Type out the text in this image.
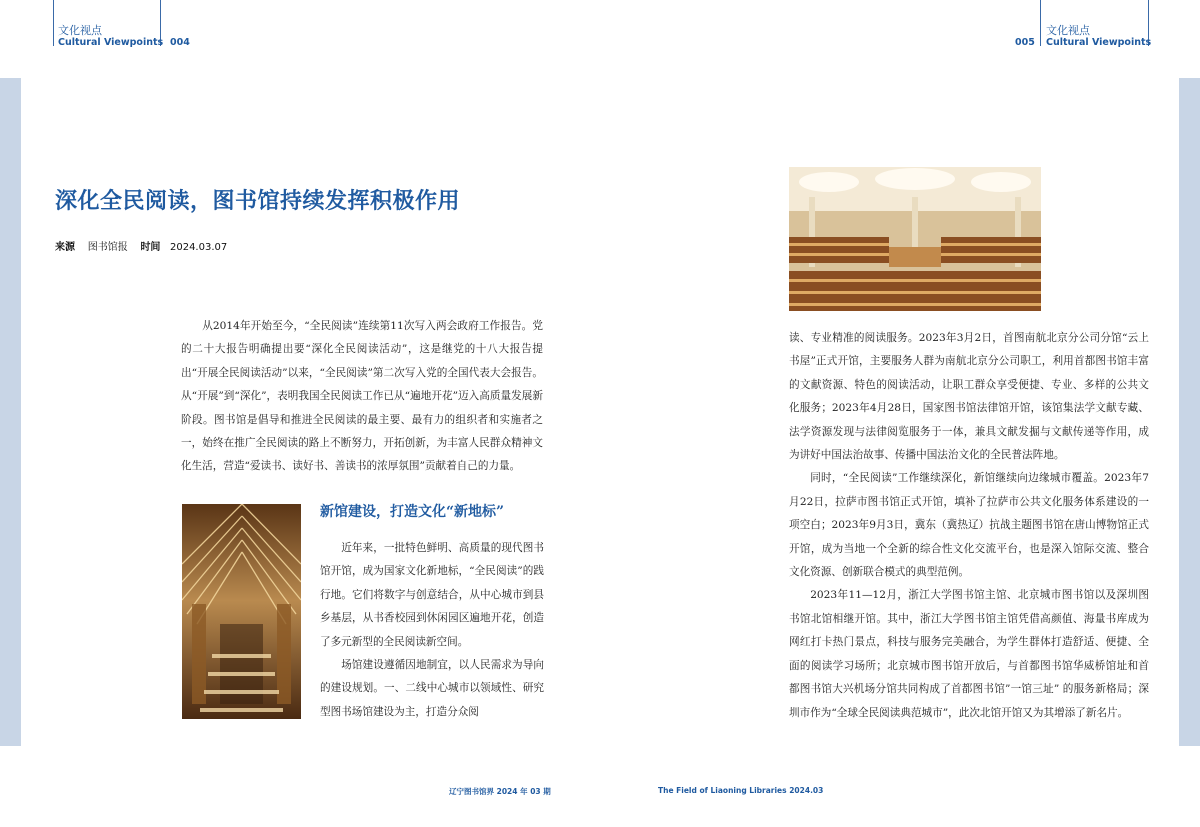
文化视点
Cultural Viewpoints 004
文化视点
Cultural Viewpoints
005
深化全民阅读，图书馆持续发挥积极作用
来源 图书馆报 时间 2024.03.07

从2014年开始至今，“全民阅读”连续第11次写入两会政府工作报告。党的二十大报告明确提出要“深化全民阅读活动”，这是继党的十八大报告提出“开展全民阅读活动”以来，“全民阅读”第二次写入党的全国代表大会报告。从“开展”到“深化”，表明我国全民阅读工作已从“遍地开花”迈入高质量发展新阶段。图书馆是倡导和推进全民阅读的最主要、最有力的组织者和实施者之一，始终在推广全民阅读的路上不断努力，开拓创新，为丰富人民群众精神文化生活，营造“爱读书、读好书、善读书的浓厚氛围”贡献着自己的力量。

新馆建设，打造文化“新地标”

近年来，一批特色鲜明、高质量的现代图书馆开馆，成为国家文化新地标，“全民阅读”的践行地。它们将数字与创意结合，从中心城市到县乡基层，从书香校园到休闲园区遍地开花，创造了多元新型的全民阅读新空间。

场馆建设遵循因地制宜，以人民需求为导向的建设规划。一、二线中心城市以领域性、研究型图书场馆建设为主，打造分众阅

读、专业精准的阅读服务。2023年3月2日，首图南航北京分公司分馆“云上书屋”正式开馆，主要服务人群为南航北京分公司职工，利用首都图书馆丰富的文献资源、特色的阅读活动，让职工群众享受便捷、专业、多样的公共文化服务；2023年4月28日，国家图书馆法律馆开馆，该馆集法学文献专藏、法学资源发现与法律阅览服务于一体，兼具文献发掘与文献传递等作用，成为讲好中国法治故事、传播中国法治文化的全民普法阵地。

同时，“全民阅读”工作继续深化，新馆继续向边缘城市覆盖。2023年7月22日，拉萨市图书馆正式开馆，填补了拉萨市公共文化服务体系建设的一项空白；2023年9月3日，冀东（冀热辽）抗战主题图书馆在唐山博物馆正式开馆，成为当地一个全新的综合性文化交流平台，也是深入馆际交流、整合文化资源、创新联合模式的典型范例。

2023年11—12月，浙江大学图书馆主馆、北京城市图书馆以及深圳图书馆北馆相继开馆。其中，浙江大学图书馆主馆凭借高颜值、海量书库成为网红打卡热门景点，科技与服务完美融合，为学生群体打造舒适、便捷、全面的阅读学习场所；北京城市图书馆开放后，与首都图书馆华威桥馆址和首都图书馆大兴机场分馆共同构成了首都图书馆”一馆三址” 的服务新格局；深圳市作为“全球全民阅读典范城市”，此次北馆开馆又为其增添了新名片。

辽宁图书馆界 2024 年 03 期	The Field of Liaoning Libraries 2024.03
